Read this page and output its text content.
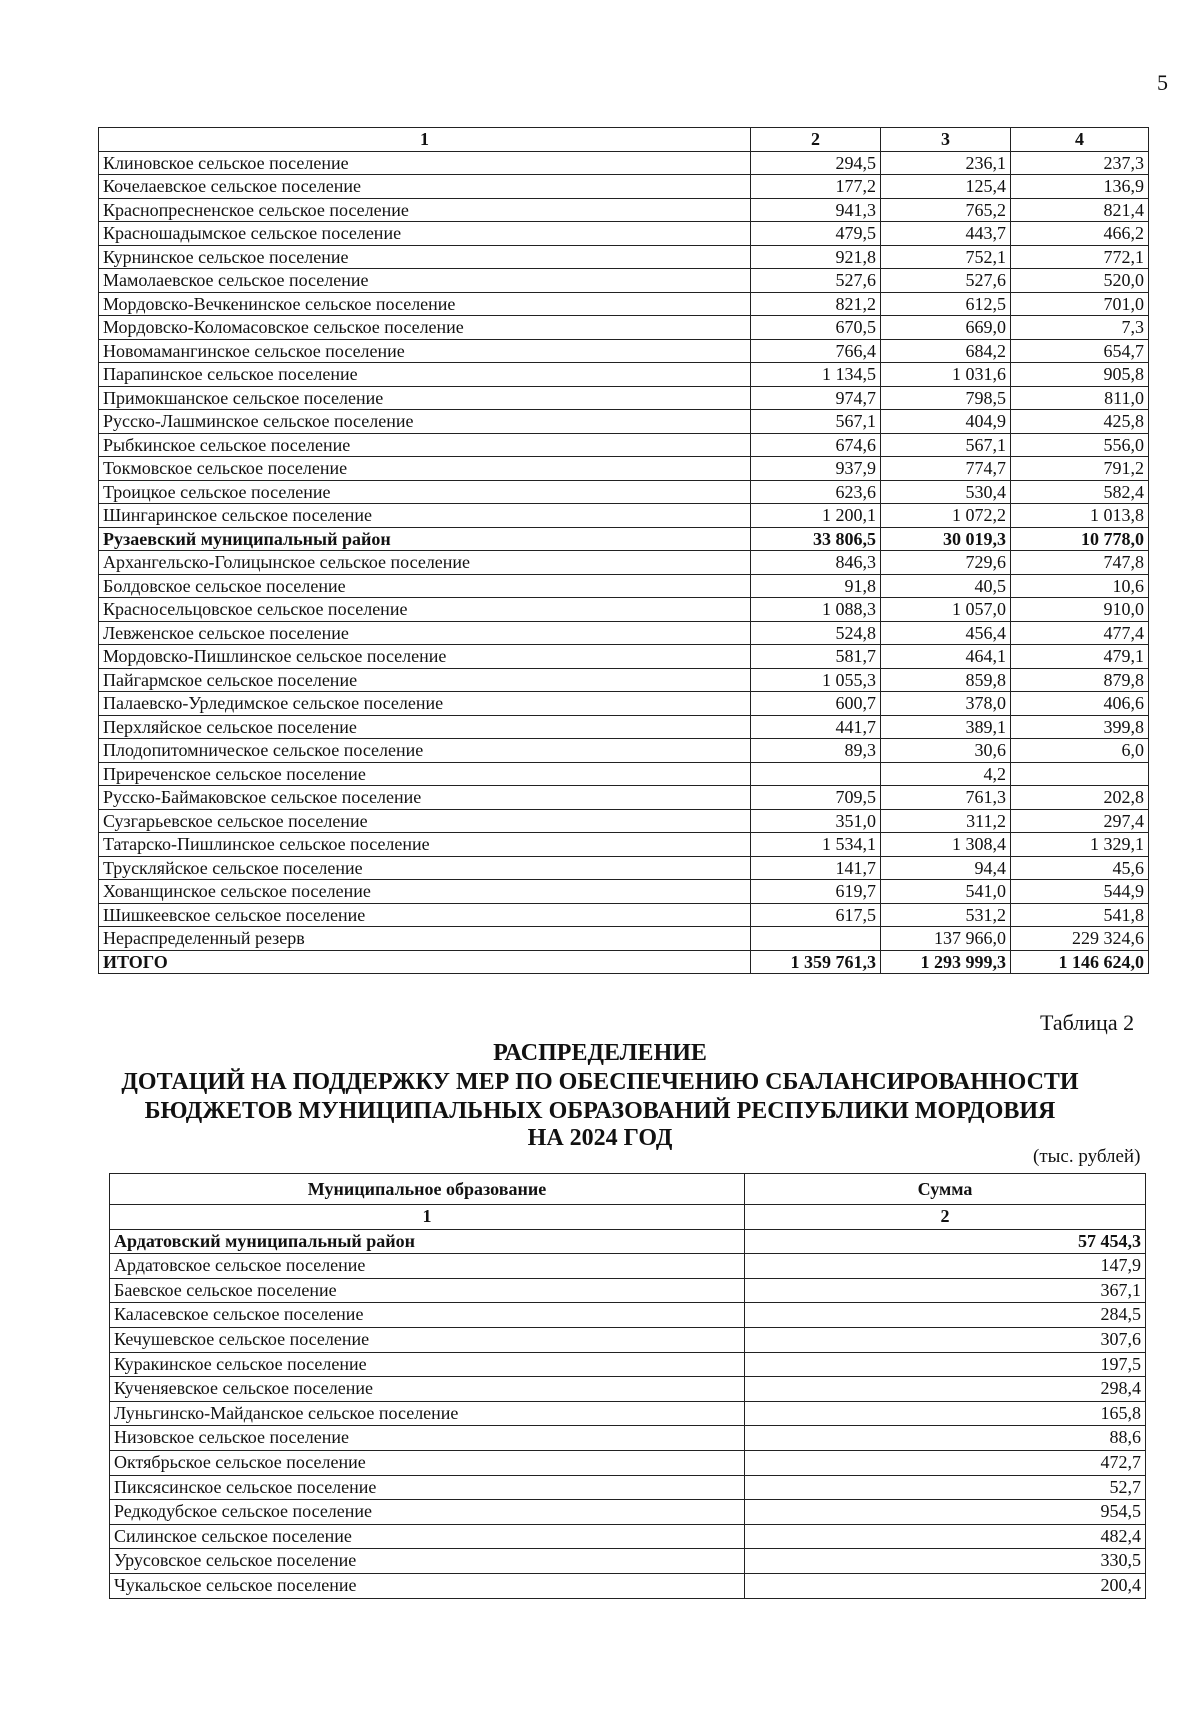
5
1	2	3	4
Клиновское сельское поселение	294,5	236,1	237,3
Кочелаевское сельское поселение	177,2	125,4	136,9
Краснопресненское сельское поселение	941,3	765,2	821,4
Красношадымское сельское поселение	479,5	443,7	466,2
Курнинское сельское поселение	921,8	752,1	772,1
Мамолаевское сельское поселение	527,6	527,6	520,0
Мордовско-Вечкенинское сельское поселение	821,2	612,5	701,0
Мордовско-Коломасовское сельское поселение	670,5	669,0	7,3
Новомамангинское сельское поселение	766,4	684,2	654,7
Парапинское сельское поселение	1 134,5	1 031,6	905,8
Примокшанское сельское поселение	974,7	798,5	811,0
Русско-Лашминское сельское поселение	567,1	404,9	425,8
Рыбкинское сельское поселение	674,6	567,1	556,0
Токмовское сельское поселение	937,9	774,7	791,2
Троицкое сельское поселение	623,6	530,4	582,4
Шингаринское сельское поселение	1 200,1	1 072,2	1 013,8
Рузаевский муниципальный район	33 806,5	30 019,3	10 778,0
Архангельско-Голицынское сельское поселение	846,3	729,6	747,8
Болдовское сельское поселение	91,8	40,5	10,6
Красносельцовское сельское поселение	1 088,3	1 057,0	910,0
Левженское сельское поселение	524,8	456,4	477,4
Мордовско-Пишлинское сельское поселение	581,7	464,1	479,1
Пайгармское сельское поселение	1 055,3	859,8	879,8
Палаевско-Урледимское сельское поселение	600,7	378,0	406,6
Перхляйское сельское поселение	441,7	389,1	399,8
Плодопитомническое сельское поселение	89,3	30,6	6,0
Приреченское сельское поселение		4,2	
Русско-Баймаковское сельское поселение	709,5	761,3	202,8
Сузгарьевское сельское поселение	351,0	311,2	297,4
Татарско-Пишлинское сельское поселение	1 534,1	1 308,4	1 329,1
Трускляйское сельское поселение	141,7	94,4	45,6
Хованщинское сельское поселение	619,7	541,0	544,9
Шишкеевское сельское поселение	617,5	531,2	541,8
Нераспределенный резерв		137 966,0	229 324,6
ИТОГО	1 359 761,3	1 293 999,3	1 146 624,0
Таблица 2
РАСПРЕДЕЛЕНИЕ
ДОТАЦИЙ НА ПОДДЕРЖКУ МЕР ПО ОБЕСПЕЧЕНИЮ СБАЛАНСИРОВАННОСТИ
БЮДЖЕТОВ МУНИЦИПАЛЬНЫХ ОБРАЗОВАНИЙ РЕСПУБЛИКИ МОРДОВИЯ
НА 2024 ГОД
(тыс. рублей)
Муниципальное образование	Сумма
1	2
Ардатовский муниципальный район	57 454,3
Ардатовское сельское поселение	147,9
Баевское сельское поселение	367,1
Каласевское сельское поселение	284,5
Кечушевское сельское поселение	307,6
Куракинское сельское поселение	197,5
Кученяевское сельское поселение	298,4
Луньгинско-Майданское сельское поселение	165,8
Низовское сельское поселение	88,6
Октябрьское сельское поселение	472,7
Пиксясинское сельское поселение	52,7
Редкодубское сельское поселение	954,5
Силинское сельское поселение	482,4
Урусовское сельское поселение	330,5
Чукальское сельское поселение	200,4
